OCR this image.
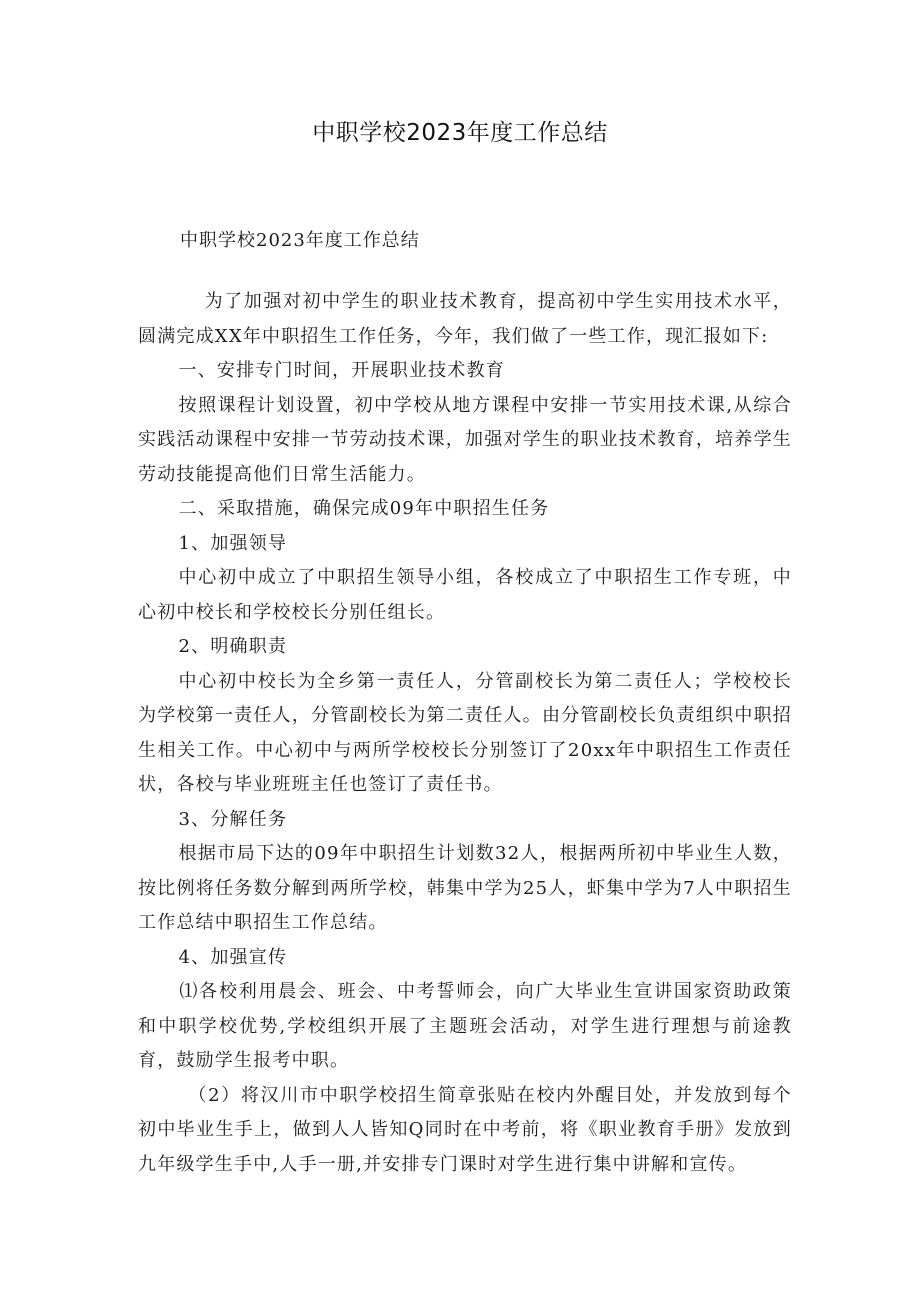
中职学校2023年度工作总结

中职学校2023年度工作总结

为了加强对初中学生的职业技术教育，提高初中学生实用技术水平，圆满完成XX年中职招生工作任务，今年，我们做了一些工作，现汇报如下:

一、安排专门时间，开展职业技术教育

按照课程计划设置，初中学校从地方课程中安排一节实用技术课,从综合实践活动课程中安排一节劳动技术课，加强对学生的职业技术教育，培养学生劳动技能提高他们日常生活能力。

二、采取措施，确保完成09年中职招生任务

1、加强领导

中心初中成立了中职招生领导小组，各校成立了中职招生工作专班，中心初中校长和学校校长分别任组长。

2、明确职责

中心初中校长为全乡第一责任人，分管副校长为第二责任人；学校校长为学校第一责任人，分管副校长为第二责任人。由分管副校长负责组织中职招生相关工作。中心初中与两所学校校长分别签订了20xx年中职招生工作责任状，各校与毕业班班主任也签订了责任书。

3、分解任务

根据市局下达的09年中职招生计划数32人，根据两所初中毕业生人数，按比例将任务数分解到两所学校，韩集中学为25人，虾集中学为7人中职招生工作总结中职招生工作总结。

4、加强宣传

⑴各校利用晨会、班会、中考誓师会，向广大毕业生宣讲国家资助政策和中职学校优势,学校组织开展了主题班会活动，对学生进行理想与前途教育，鼓励学生报考中职。

（2）将汉川市中职学校招生简章张贴在校内外醒目处，并发放到每个初中毕业生手上，做到人人皆知Q同时在中考前，将《职业教育手册》发放到九年级学生手中,人手一册,并安排专门课时对学生进行集中讲解和宣传。
